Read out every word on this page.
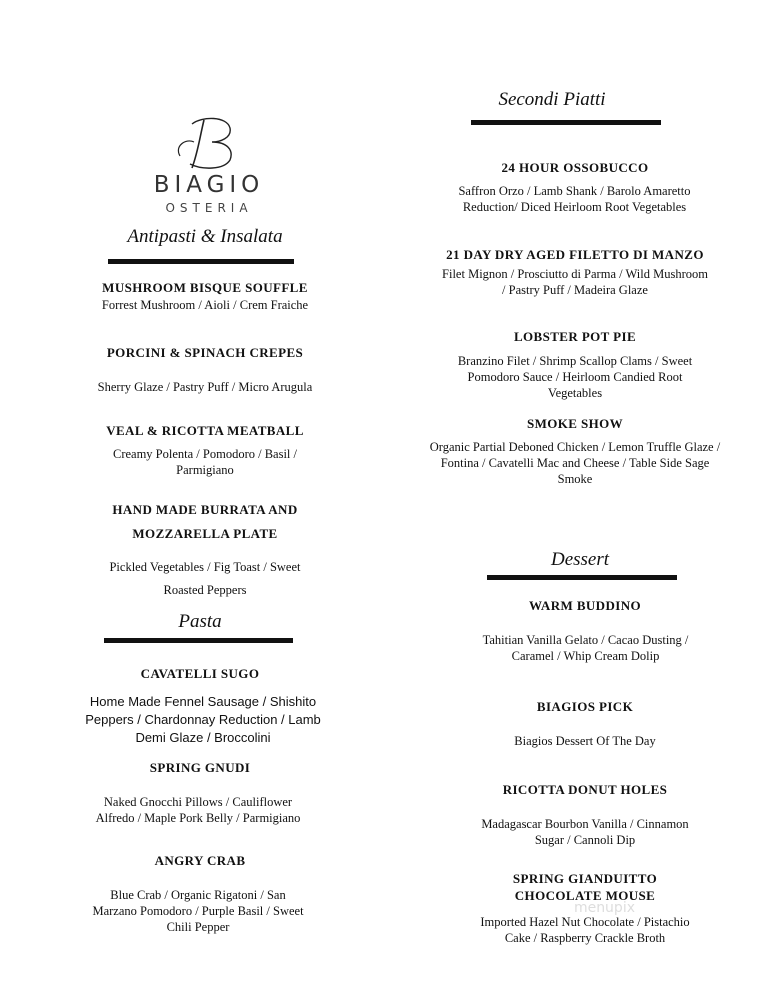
BIAGIO
OSTERIA
Antipasti & Insalata
MUSHROOM BISQUE SOUFFLE
Forrest Mushroom / Aioli / Crem Fraiche
PORCINI & SPINACH CREPES
Sherry Glaze / Pastry Puff / Micro Arugula
VEAL & RICOTTA MEATBALL
Creamy Polenta / Pomodoro / Basil / Parmigiano
HAND MADE BURRATA AND MOZZARELLA PLATE
Pickled Vegetables / Fig Toast / Sweet Roasted Peppers
Pasta
CAVATELLI SUGO
Home Made Fennel Sausage / Shishito Peppers / Chardonnay Reduction / Lamb Demi Glaze / Broccolini
SPRING GNUDI
Naked Gnocchi Pillows / Cauliflower Alfredo / Maple Pork Belly / Parmigiano
ANGRY CRAB
Blue Crab / Organic Rigatoni / San Marzano Pomodoro / Purple Basil / Sweet Chili Pepper
Secondi Piatti
24 HOUR OSSOBUCCO
Saffron Orzo / Lamb Shank / Barolo Amaretto Reduction/ Diced Heirloom Root Vegetables
21 DAY DRY AGED FILETTO DI MANZO
Filet Mignon / Prosciutto di Parma / Wild Mushroom / Pastry Puff / Madeira Glaze
LOBSTER POT PIE
Branzino Filet / Shrimp Scallop Clams / Sweet Pomodoro Sauce / Heirloom Candied Root Vegetables
SMOKE SHOW
Organic Partial Deboned Chicken / Lemon Truffle Glaze / Fontina / Cavatelli Mac and Cheese / Table Side Sage Smoke
Dessert
WARM BUDDINO
Tahitian Vanilla Gelato / Cacao Dusting / Caramel / Whip Cream Dolip
BIAGIOS PICK
Biagios Dessert Of The Day
RICOTTA DONUT HOLES
Madagascar Bourbon Vanilla / Cinnamon Sugar / Cannoli Dip
SPRING GIANDUITTO CHOCOLATE MOUSE
Imported Hazel Nut Chocolate / Pistachio Cake / Raspberry Crackle Broth
menupix
